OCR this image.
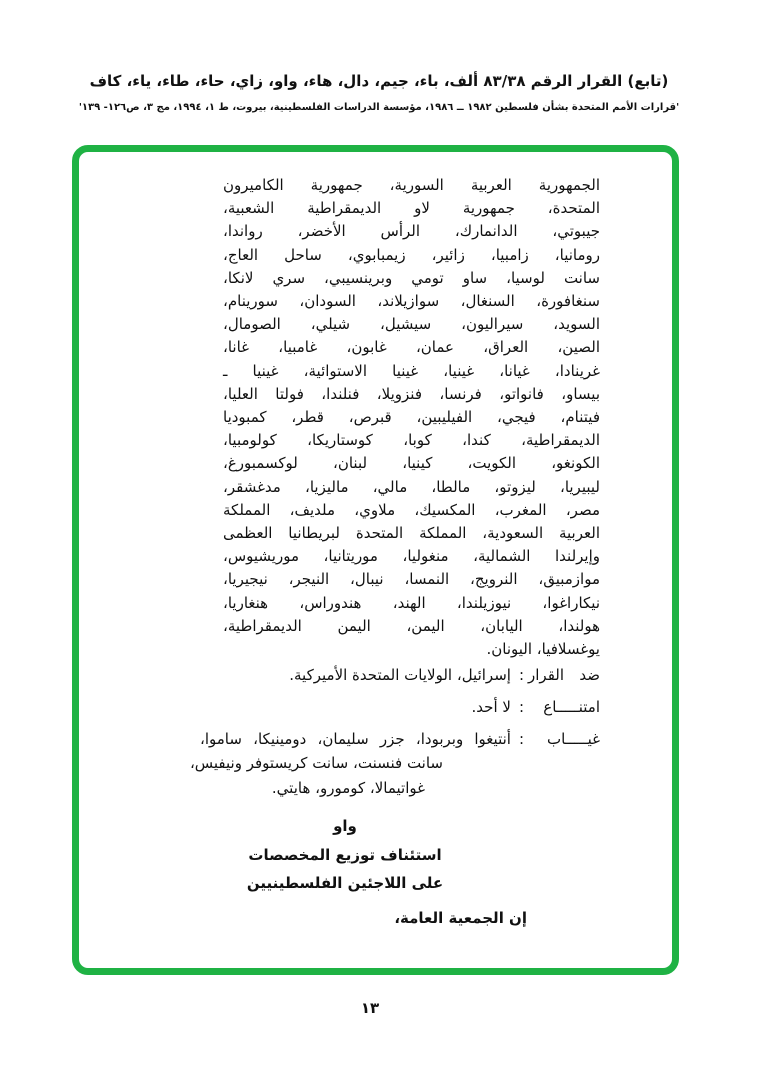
(تابع) القرار الرقم ٨٣/٣٨ ألف، باء، جيم، دال، هاء، واو، زاي، حاء، طاء، ياء، كاف
'قرارات الأمم المتحدة بشأن فلسطين ١٩٨٢ ــ ١٩٨٦، مؤسسة الدراسات الفلسطينية، بيروت، ط ١، ١٩٩٤، مج ٣، ص١٢٦- ١٣٩'
الجمهورية العربية السورية، جمهورية الكاميرون
المتحدة، جمهورية لاو الديمقراطية الشعبية،
جيبوتي، الدانمارك، الرأس الأخضر، رواندا،
رومانيا، زامبيا، زائير، زيمبابوي، ساحل العاج،
سانت لوسيا، ساو تومي وبرينسيبي، سري لانكا،
سنغافورة، السنغال، سوازيلاند، السودان، سورينام،
السويد، سيراليون، سيشيل، شيلي، الصومال،
الصين، العراق، عمان، غابون، غامبيا، غانا،
غرينادا، غيانا، غينيا، غينيا الاستوائية، غينيا ـ
بيساو، فانواتو، فرنسا، فنزويلا، فنلندا، فولتا العليا،
فيتنام، فيجي، الفيليبين، قبرص، قطر، كمبوديا
الديمقراطية، كندا، كوبا، كوستاريكا، كولومبيا،
الكونغو، الكويت، كينيا، لبنان، لوكسمبورغ،
ليبيريا، ليزوتو، مالطا، مالي، ماليزيا، مدغشقر،
مصر، المغرب، المكسيك، ملاوي، ملديف، المملكة
العربية السعودية، المملكة المتحدة لبريطانيا العظمى
وإيرلندا الشمالية، منغوليا، موريتانيا، موريشيوس،
موازمبيق، النرويج، النمسا، نيبال، النيجر، نيجيريا،
نيكاراغوا، نيوزيلندا، الهند، هندوراس، هنغاريا،
هولندا، اليابان، اليمن، اليمن الديمقراطية،
يوغسلافيا، اليونان.
ضد القرار
:
إسرائيل، الولايات المتحدة الأميركية.
امتنـــــاع
:
لا أحد.
غيـــــاب
:
أنتيغوا وبربودا، جزر سليمان، دومينيكا، ساموا،
سانت فنسنت، سانت كريستوفر ونيفيس،
غواتيمالا، كومورو، هايتي.
واو
استئناف توزيع المخصصات
على اللاجئين الفلسطينيين
إن الجمعية العامة،
١٣
